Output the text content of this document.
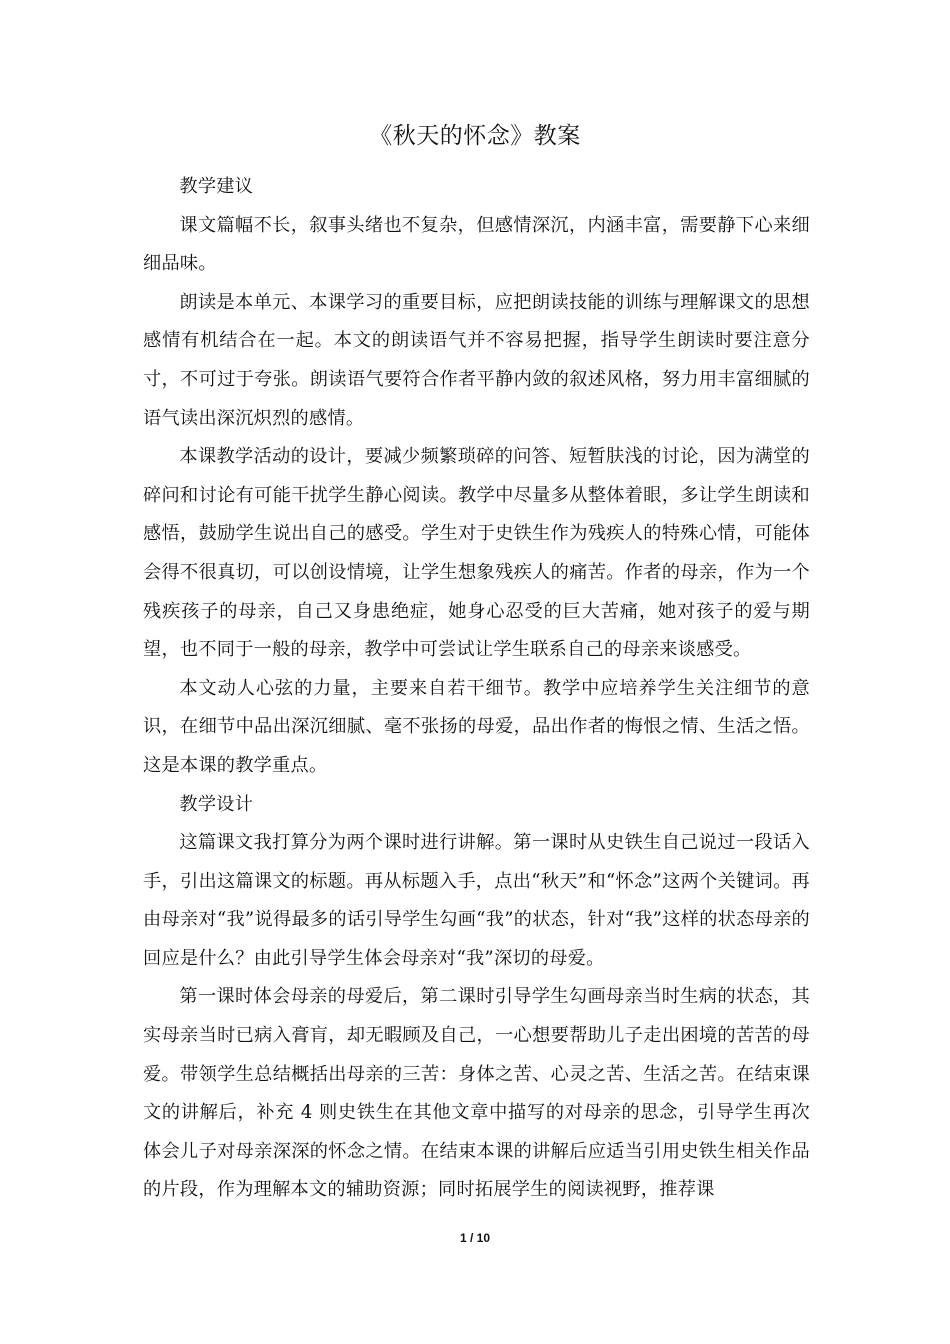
《秋天的怀念》教案

教学建议

课文篇幅不长，叙事头绪也不复杂，但感情深沉，内涵丰富，需要静下心来细细品味。

朗读是本单元、本课学习的重要目标，应把朗读技能的训练与理解课文的思想感情有机结合在一起。本文的朗读语气并不容易把握，指导学生朗读时要注意分寸，不可过于夸张。朗读语气要符合作者平静内敛的叙述风格，努力用丰富细腻的语气读出深沉炽烈的感情。

本课教学活动的设计，要减少频繁琐碎的问答、短暂肤浅的讨论，因为满堂的碎问和讨论有可能干扰学生静心阅读。教学中尽量多从整体着眼，多让学生朗读和感悟，鼓励学生说出自己的感受。学生对于史铁生作为残疾人的特殊心情，可能体会得不很真切，可以创设情境，让学生想象残疾人的痛苦。作者的母亲，作为一个残疾孩子的母亲，自己又身患绝症，她身心忍受的巨大苦痛，她对孩子的爱与期望，也不同于一般的母亲，教学中可尝试让学生联系自己的母亲来谈感受。

本文动人心弦的力量，主要来自若干细节。教学中应培养学生关注细节的意识，在细节中品出深沉细腻、毫不张扬的母爱，品出作者的悔恨之情、生活之悟。这是本课的教学重点。

教学设计

这篇课文我打算分为两个课时进行讲解。第一课时从史铁生自己说过一段话入手，引出这篇课文的标题。再从标题入手，点出“秋天”和“怀念”这两个关键词。再由母亲对“我”说得最多的话引导学生勾画“我”的状态，针对“我”这样的状态母亲的回应是什么？由此引导学生体会母亲对“我”深切的母爱。

第一课时体会母亲的母爱后，第二课时引导学生勾画母亲当时生病的状态，其实母亲当时已病入膏肓，却无暇顾及自己，一心想要帮助儿子走出困境的苦苦的母爱。带领学生总结概括出母亲的三苦：身体之苦、心灵之苦、生活之苦。在结束课文的讲解后，补充 4 则史铁生在其他文章中描写的对母亲的思念，引导学生再次体会儿子对母亲深深的怀念之情。在结束本课的讲解后应适当引用史铁生相关作品的片段，作为理解本文的辅助资源；同时拓展学生的阅读视野，推荐课

1 / 10
